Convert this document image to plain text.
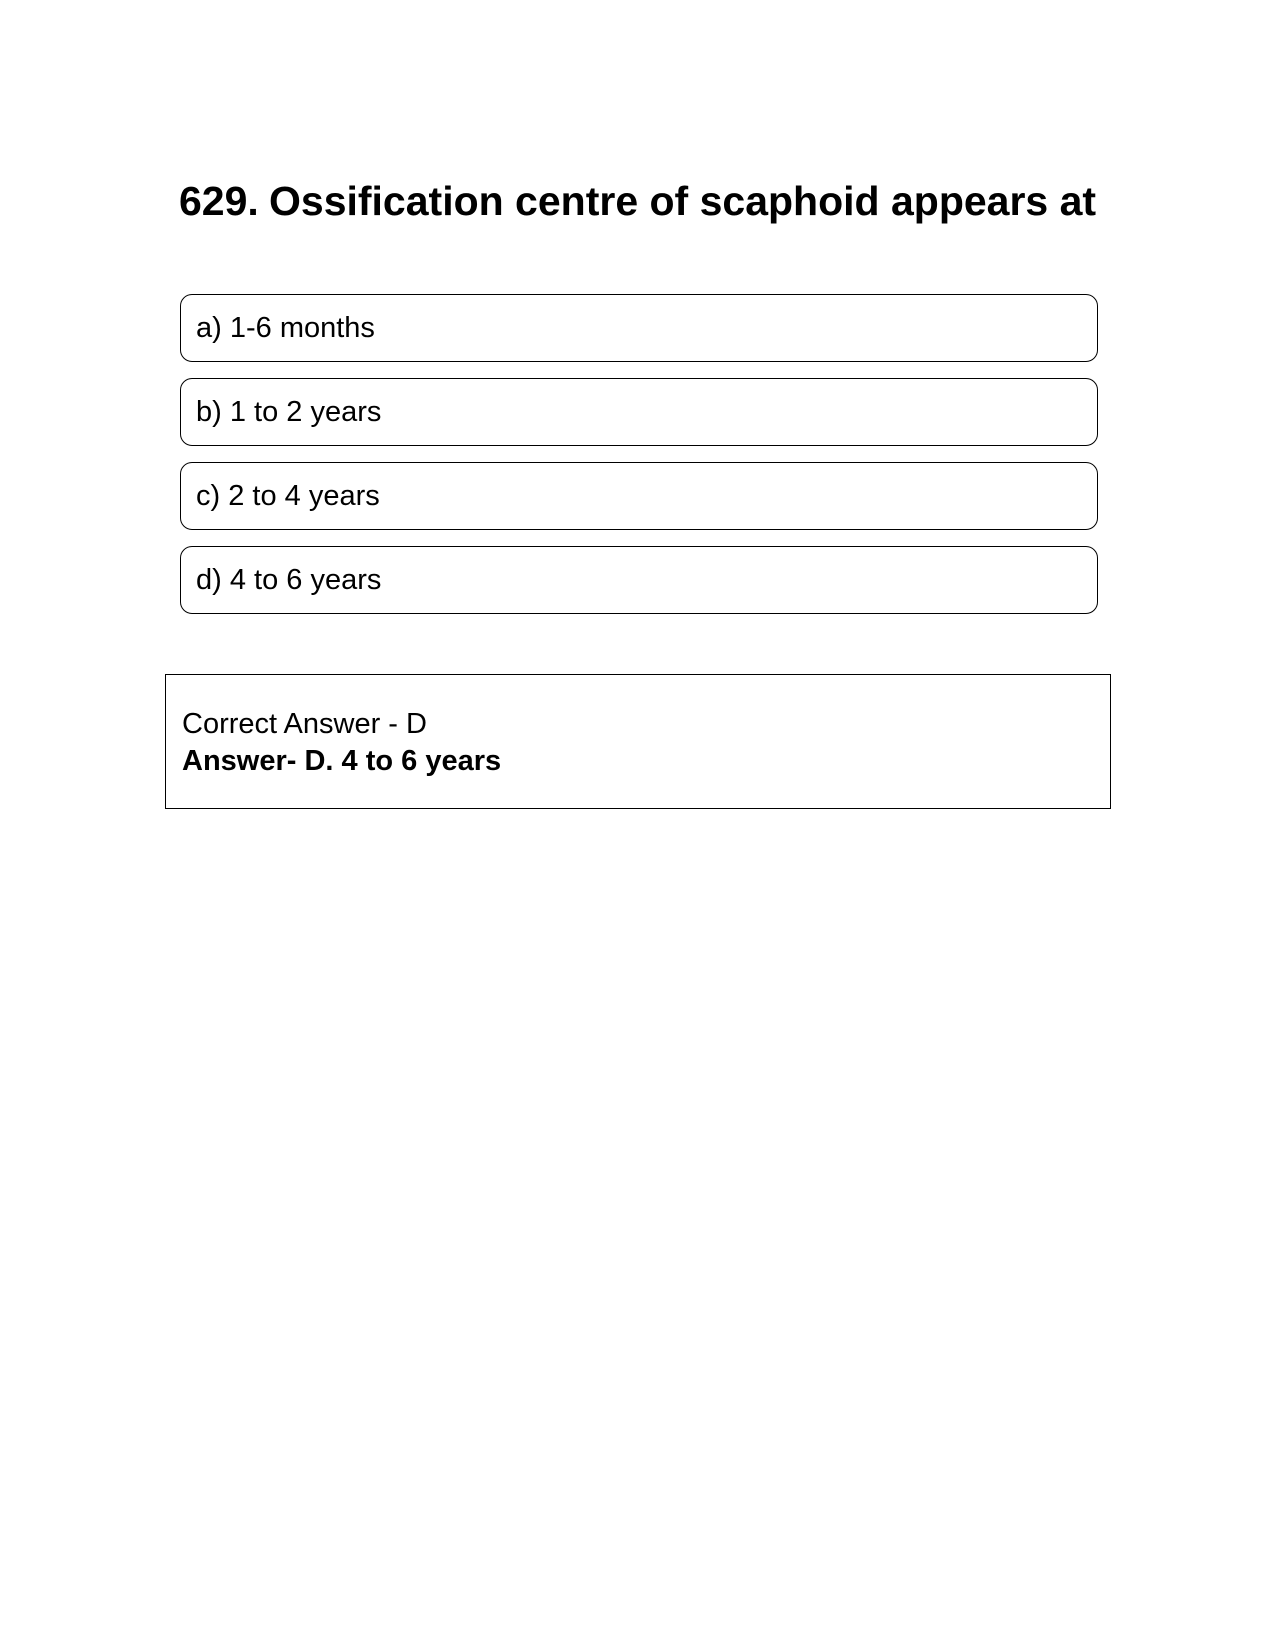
629. Ossification centre of scaphoid appears at
a) 1-6 months
b) 1 to 2 years
c) 2 to 4 years
d) 4 to 6 years
Correct Answer - D
Answer- D. 4 to 6 years
